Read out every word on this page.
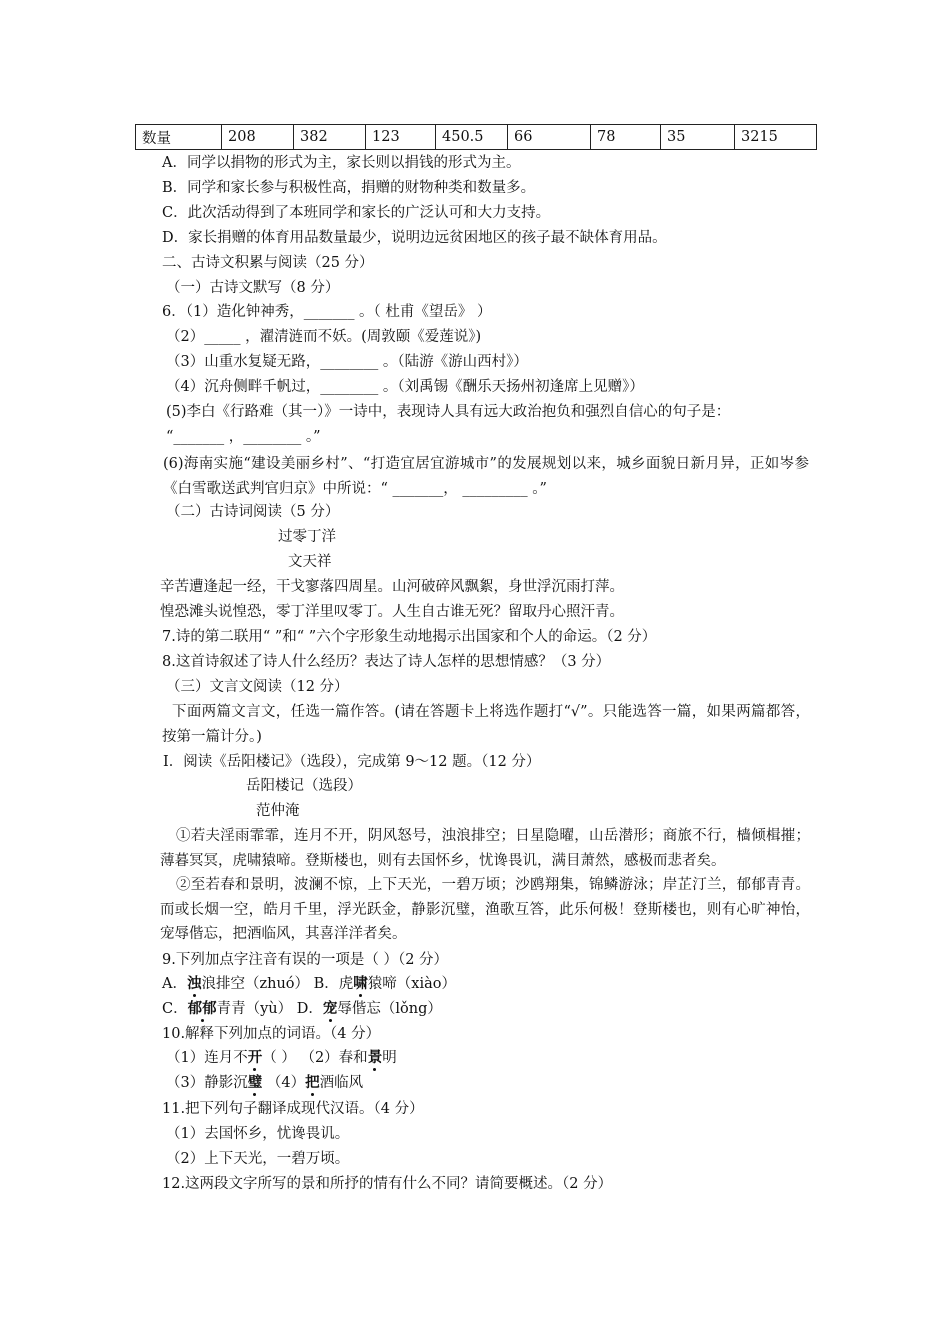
数量	208	382	123	450.5	66	78	35	3215
A．同学以捐物的形式为主，家长则以捐钱的形式为主。
B．同学和家长参与积极性高，捐赠的财物种类和数量多。
C．此次活动得到了本班同学和家长的广泛认可和大力支持。
D．家长捐赠的体育用品数量最少，说明边远贫困地区的孩子最不缺体育用品。
二、古诗文积累与阅读（25 分）
（一）古诗文默写（8 分）
6．（1）造化钟神秀，_______ 。（ 杜甫《望岳》 ）
（2）_____ ，濯清涟而不妖。(周敦颐《爱莲说》)
（3）山重水复疑无路，________ 。（陆游《游山西村》）
（4）沉舟侧畔千帆过，________ 。（刘禹锡《酬乐天扬州初逢席上见赠》）
(5)李白《行路难（其一）》一诗中，表现诗人具有远大政治抱负和强烈自信心的句子是：
“_______ ，________ 。”
(6)海南实施“建设美丽乡村”、“打造宜居宜游城市”的发展规划以来，城乡面貌日新月异，正如岑参《白雪歌送武判官归京》中所说：“ _______， _________ 。”
（二）古诗词阅读（5 分）
过零丁洋
文天祥
辛苦遭逢起一经，干戈寥落四周星。山河破碎风飘絮，身世浮沉雨打萍。
惶恐滩头说惶恐，零丁洋里叹零丁。人生自古谁无死？留取丹心照汗青。
7.诗的第二联用“ ”和“ ”六个字形象生动地揭示出国家和个人的命运。（2 分）
8.这首诗叙述了诗人什么经历？表达了诗人怎样的思想情感？（3 分）
（三）文言文阅读（12 分）
下面两篇文言文，任选一篇作答。(请在答题卡上将选作题打“√”。只能选答一篇，如果两篇都答，按第一篇计分。)
Ⅰ．阅读《岳阳楼记》（选段），完成第 9～12 题。（12 分）
岳阳楼记（选段）
范仲淹
①若夫淫雨霏霏，连月不开，阴风怒号，浊浪排空；日星隐曜，山岳潜形；商旅不行，樯倾楫摧；薄暮冥冥，虎啸猿啼。登斯楼也，则有去国怀乡，忧谗畏讥，满目萧然，感极而悲者矣。
②至若春和景明，波澜不惊，上下天光，一碧万顷；沙鸥翔集，锦鳞游泳；岸芷汀兰，郁郁青青。而或长烟一空，皓月千里，浮光跃金，静影沉璧，渔歌互答，此乐何极！登斯楼也，则有心旷神怡，宠辱偕忘，把酒临风，其喜洋洋者矣。
9.下列加点字注音有误的一项是（ ）（2 分）
A．浊浪排空（zhuó） B．虎啸猿啼（xiào）
C．郁郁青青（yù） D．宠辱偕忘（lǒng）
10.解释下列加点的词语。（4 分）
（1）连月不开（ ） （2）春和景明
（3）静影沉璧 （4）把酒临风
11.把下列句子翻译成现代汉语。（4 分）
（1）去国怀乡，忧谗畏讥。
（2）上下天光，一碧万顷。
12.这两段文字所写的景和所抒的情有什么不同？请简要概述。（2 分）
